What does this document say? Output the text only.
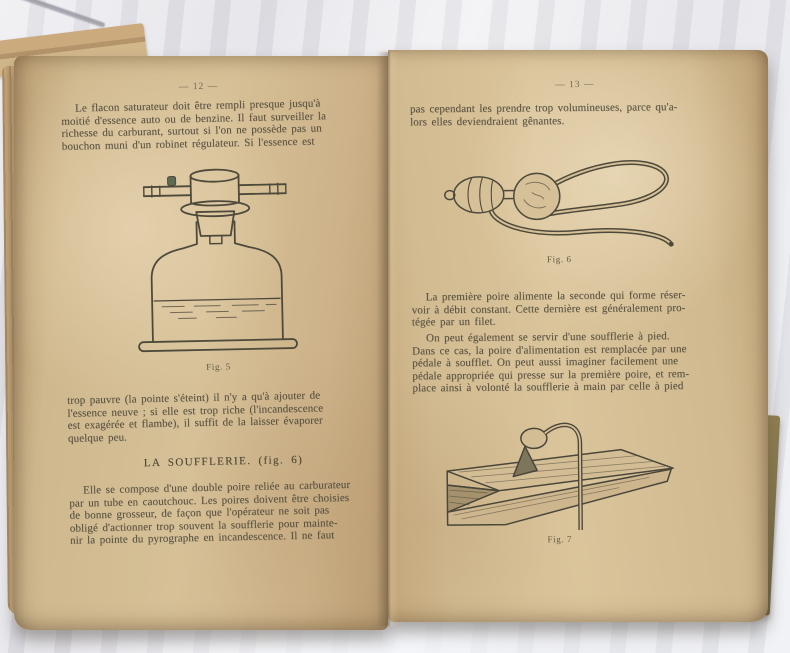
— 12 —
Le flacon saturateur doit être rempli presque jusqu'à
moitié d'essence auto ou de benzine. Il faut surveiller la
richesse du carburant, surtout si l'on ne possède pas un
bouchon muni d'un robinet régulateur. Si l'essence est
Fig. 5
trop pauvre (la pointe s'éteint) il n'y a qu'à ajouter de
l'essence neuve ; si elle est trop riche (l'incandescence
est exagérée et flambe), il suffit de la laisser évaporer
quelque peu.
LA SOUFFLERIE. (fig. 6)
Elle se compose d'une double poire reliée au carburateur
par un tube en caoutchouc. Les poires doivent être choisies
de bonne grosseur, de façon que l'opérateur ne soit pas
obligé d'actionner trop souvent la soufflerie pour mainte-
nir la pointe du pyrographe en incandescence. Il ne faut
— 13 —
pas cependant les prendre trop volumineuses, parce qu'a-
lors elles deviendraient gênantes.
Fig. 6
La première poire alimente la seconde qui forme réser-
voir à débit constant. Cette dernière est généralement pro-
tégée par un filet.
On peut également se servir d'une soufflerie à pied.
Dans ce cas, la poire d'alimentation est remplacée par une
pédale à soufflet. On peut aussi imaginer facilement une
pédale appropriée qui presse sur la première poire, et rem-
place ainsi à volonté la soufflerie à main par celle à pied
Fig. 7
